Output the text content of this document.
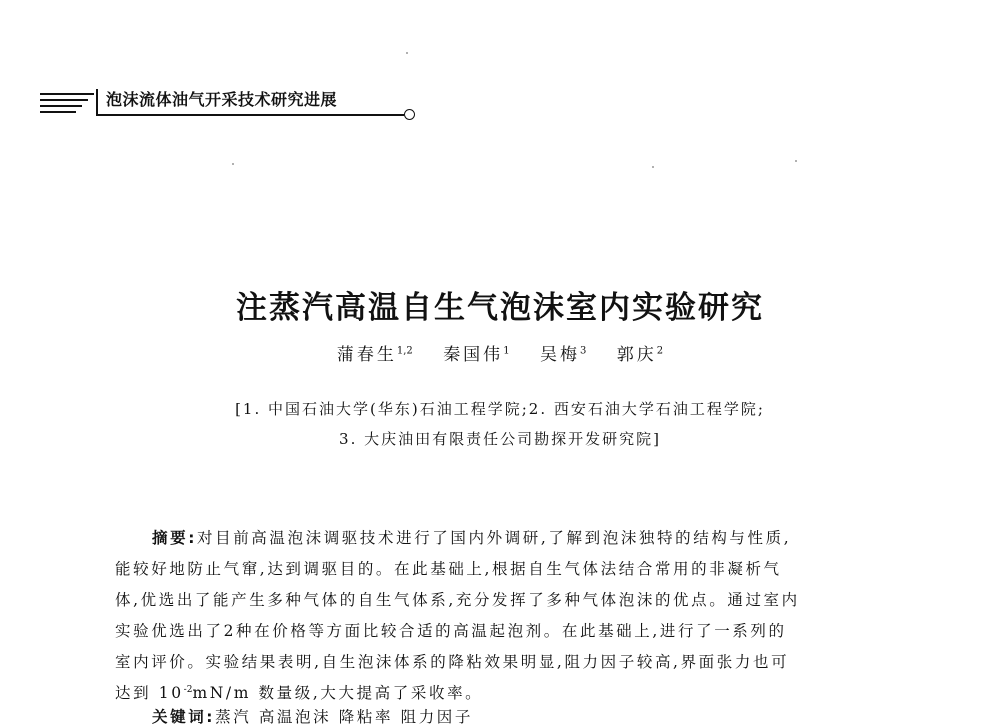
泡沫流体油气开采技术研究进展
注蒸汽高温自生气泡沫室内实验研究
蒲春生$^{1,2}$ 秦国伟$^1$ 吴梅$^3$ 郭庆$^2$
[1. 中国石油大学(华东)石油工程学院;2. 西安石油大学石油工程学院;
3. 大庆油田有限责任公司勘探开发研究院]
摘要:对目前高温泡沫调驱技术进行了国内外调研,了解到泡沫独特的结构与性质,
能较好地防止气窜,达到调驱目的。在此基础上,根据自生气体法结合常用的非凝析气
体,优选出了能产生多种气体的自生气体系,充分发挥了多种气体泡沫的优点。通过室内
实验优选出了2种在价格等方面比较合适的高温起泡剂。在此基础上,进行了一系列的
室内评价。实验结果表明,自生泡沫体系的降粘效果明显,阻力因子较高,界面张力也可
达到 $10^{-2}mN/m$ 数量级,大大提高了采收率。
关键词:蒸汽 高温泡沫 降粘率 阻力因子
